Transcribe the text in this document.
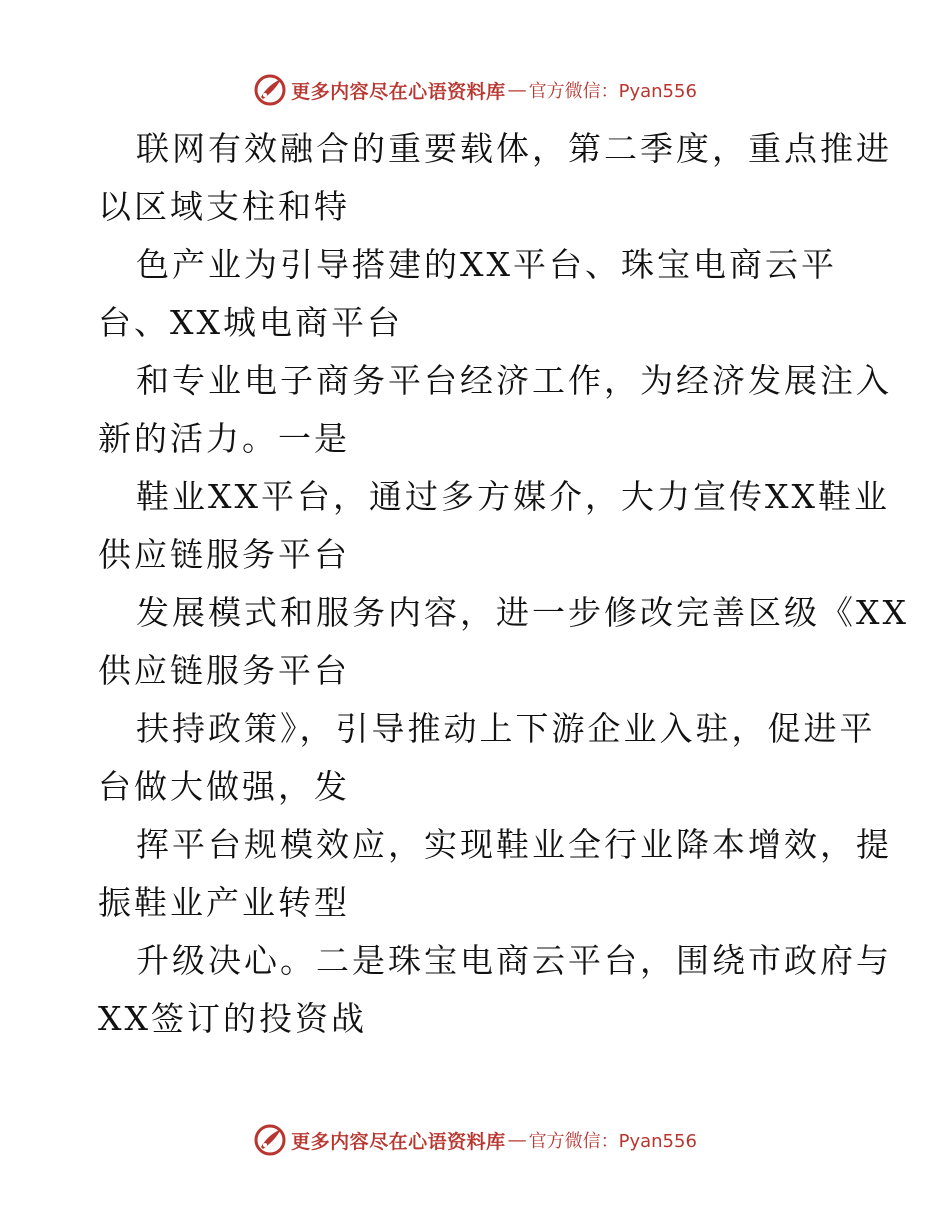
更多内容尽在心语资料库 — 官方微信：Pyan556
联网有效融合的重要载体，第二季度，重点推进
以区域支柱和特
色产业为引导搭建的XX平台、珠宝电商云平
台、XX城电商平台
和专业电子商务平台经济工作，为经济发展注入
新的活力。一是
鞋业XX平台，通过多方媒介，大力宣传XX鞋业
供应链服务平台
发展模式和服务内容，进一步修改完善区级《XX
供应链服务平台
扶持政策》，引导推动上下游企业入驻，促进平
台做大做强，发
挥平台规模效应，实现鞋业全行业降本增效，提
振鞋业产业转型
升级决心。二是珠宝电商云平台，围绕市政府与
XX签订的投资战
更多内容尽在心语资料库 — 官方微信：Pyan556
